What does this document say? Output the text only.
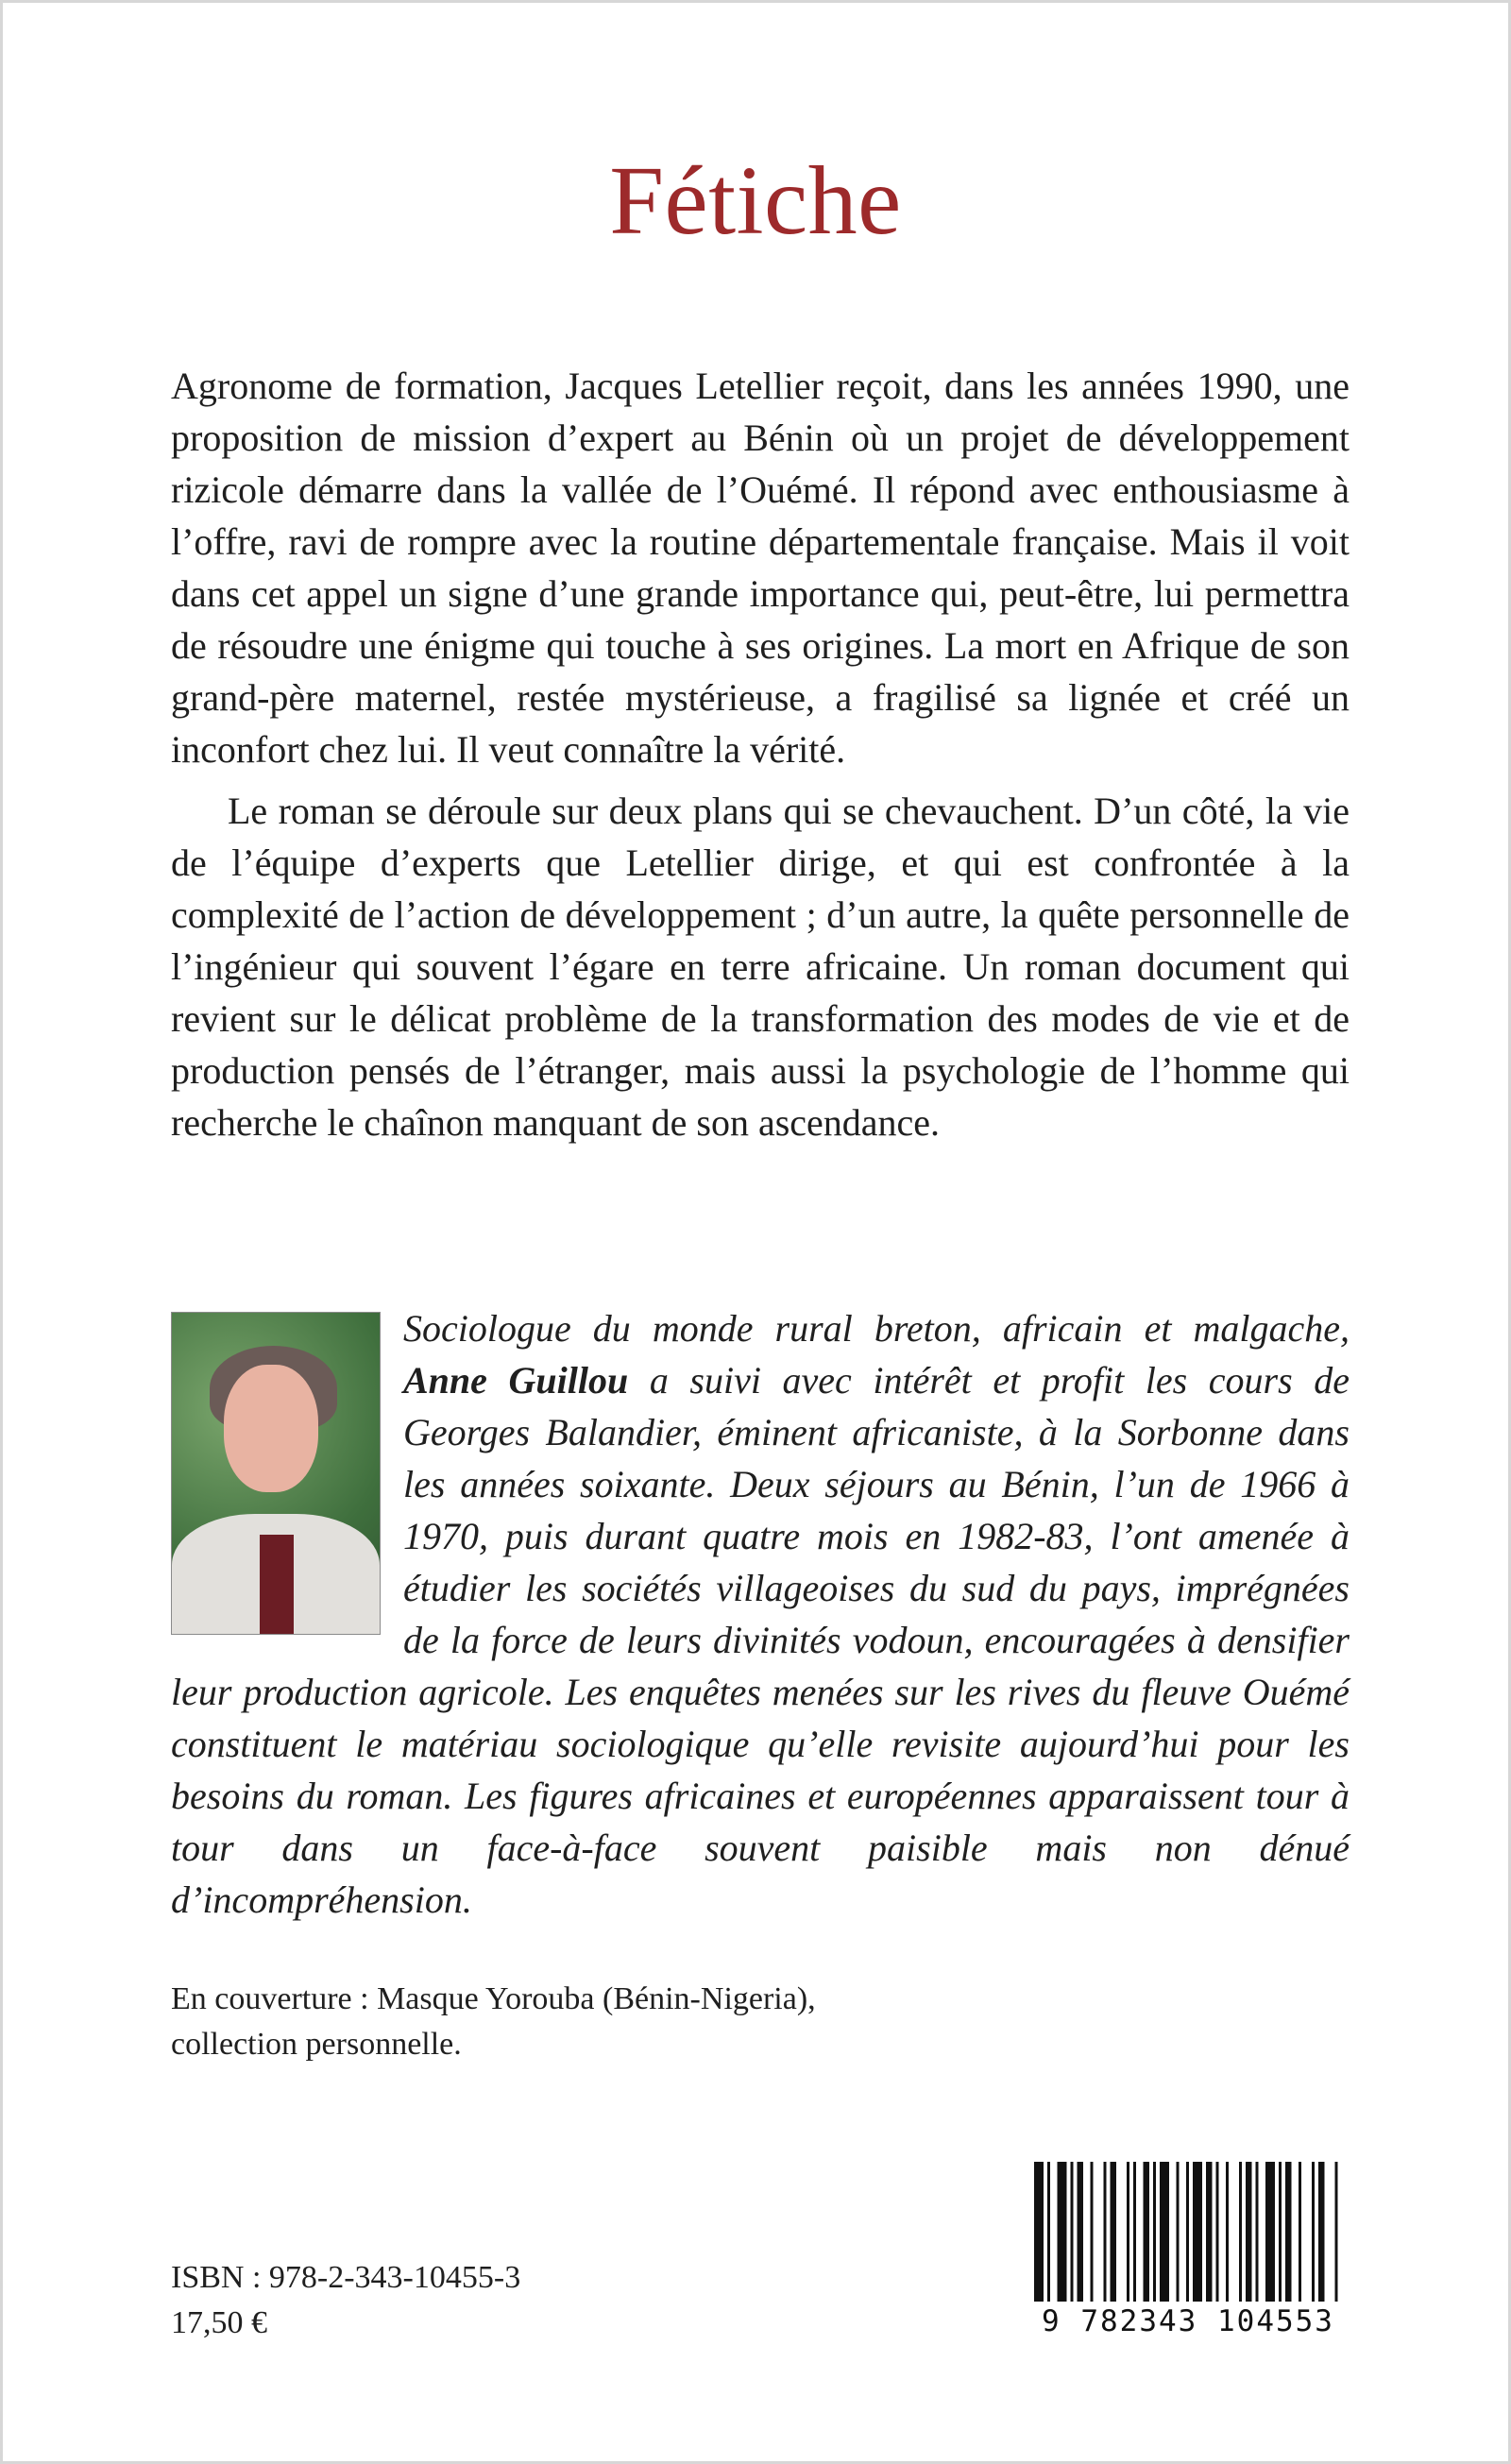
Fétiche

Agronome de formation, Jacques Letellier reçoit, dans les années 1990, une proposition de mission d’expert au Bénin où un projet de développement rizicole démarre dans la vallée de l’Ouémé. Il répond avec enthousiasme à l’offre, ravi de rompre avec la routine départementale française. Mais il voit dans cet appel un signe d’une grande importance qui, peut-être, lui permettra de résoudre une énigme qui touche à ses origines. La mort en Afrique de son grand-père maternel, restée mystérieuse, a fragilisé sa lignée et créé un inconfort chez lui. Il veut connaître la vérité.

Le roman se déroule sur deux plans qui se chevauchent. D’un côté, la vie de l’équipe d’experts que Letellier dirige, et qui est confrontée à la complexité de l’action de développement ; d’un autre, la quête personnelle de l’ingénieur qui souvent l’égare en terre africaine. Un roman document qui revient sur le délicat problème de la transformation des modes de vie et de production pensés de l’étranger, mais aussi la psychologie de l’homme qui recherche le chaînon manquant de son ascendance.

Sociologue du monde rural breton, africain et malgache, Anne Guillou a suivi avec intérêt et profit les cours de Georges Balandier, éminent africaniste, à la Sorbonne dans les années soixante. Deux séjours au Bénin, l’un de 1966 à 1970, puis durant quatre mois en 1982-83, l’ont amenée à étudier les sociétés villageoises du sud du pays, imprégnées de la force de leurs divinités vodoun, encouragées à densifier leur production agricole. Les enquêtes menées sur les rives du fleuve Ouémé constituent le matériau sociologique qu’elle revisite aujourd’hui pour les besoins du roman. Les figures africaines et européennes apparaissent tour à tour dans un face-à-face souvent paisible mais non dénué d’incompréhension.
En couverture : Masque Yorouba (Bénin-Nigeria),
collection personnelle.
ISBN : 978-2-343-10455-3
17,50 €	9 782343 104553
